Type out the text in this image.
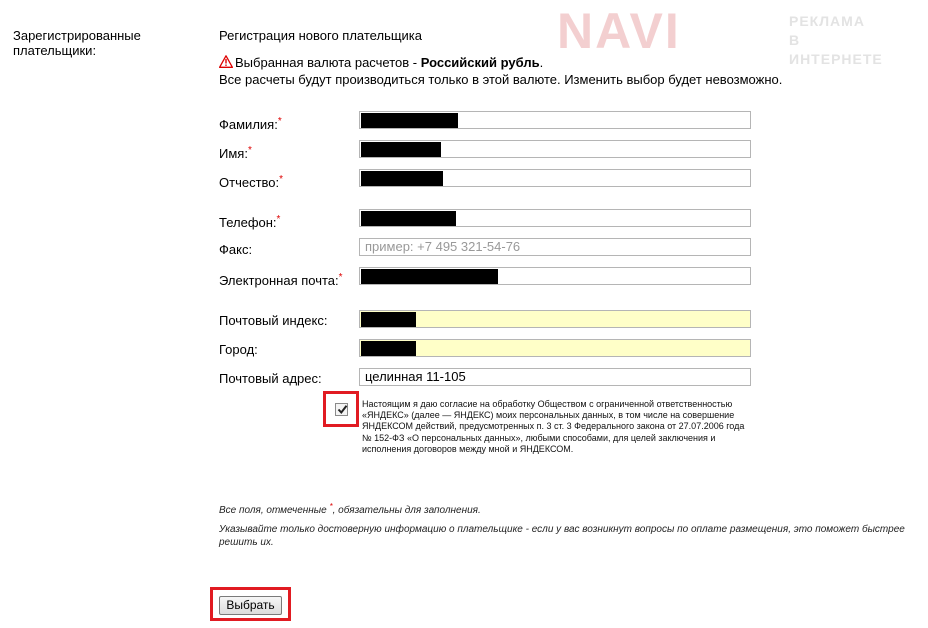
Зарегистрированные плательщики:	NAVI	РЕКЛАМА
В ИНТЕРНЕТЕ
Регистрация нового плательщика
Выбранная валюта расчетов - Российский рубль.
Все расчеты будут производиться только в этой валюте. Изменить выбор будет невозможно.
Фамилия:*
Имя:*
Отчество:*
Телефон:*
Факс:	пример: +7 495 321-54-76
Электронная почта:*
Почтовый индекс:
Город:
Почтовый адрес:	целинная 11-105
Настоящим я даю согласие на обработку Обществом с ограниченной ответственностью «ЯНДЕКС» (далее — ЯНДЕКС) моих персональных данных, в том числе на совершение ЯНДЕКСОМ действий, предусмотренных п. 3 ст. 3 Федерального закона от 27.07.2006 года № 152-ФЗ «О персональных данных», любыми способами, для целей заключения и исполнения договоров между мной и ЯНДЕКСОМ.
Все поля, отмеченные *, обязательны для заполнения.
Указывайте только достоверную информацию о плательщике - если у вас возникнут вопросы по оплате размещения, это поможет быстрее решить их.
Выбрать
